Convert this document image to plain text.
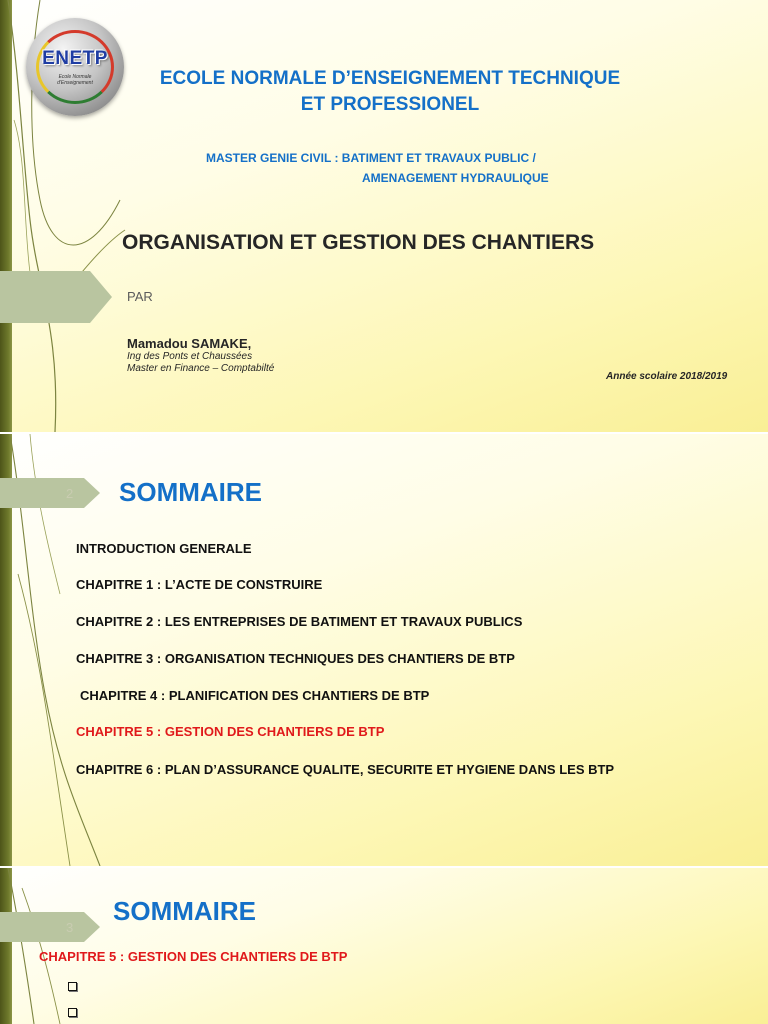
ENETP
Ecole Normale d'Enseignement	ECOLE NORMALE D’ENSEIGNEMENT TECHNIQUE
ET PROFESSIONEL
MASTER GENIE CIVIL : BATIMENT ET TRAVAUX PUBLIC /
AMENAGEMENT HYDRAULIQUE
ORGANISATION ET GESTION DES CHANTIERS
PAR
Mamadou SAMAKE,
Ing des Ponts et Chaussées
Master en Finance – Comptabilté
Année scolaire 2018/2019
2 SOMMAIRE
INTRODUCTION GENERALE
CHAPITRE 1 : L’ACTE DE CONSTRUIRE
CHAPITRE 2 : LES ENTREPRISES DE BATIMENT ET TRAVAUX PUBLICS
CHAPITRE 3 : ORGANISATION TECHNIQUES DES CHANTIERS DE BTP
CHAPITRE 4 : PLANIFICATION DES CHANTIERS DE BTP
CHAPITRE 5 : GESTION DES CHANTIERS DE BTP
CHAPITRE 6 : PLAN D’ASSURANCE QUALITE, SECURITE ET HYGIENE DANS LES BTP
3
SOMMAIRE
CHAPITRE 5 : GESTION DES CHANTIERS DE BTP
